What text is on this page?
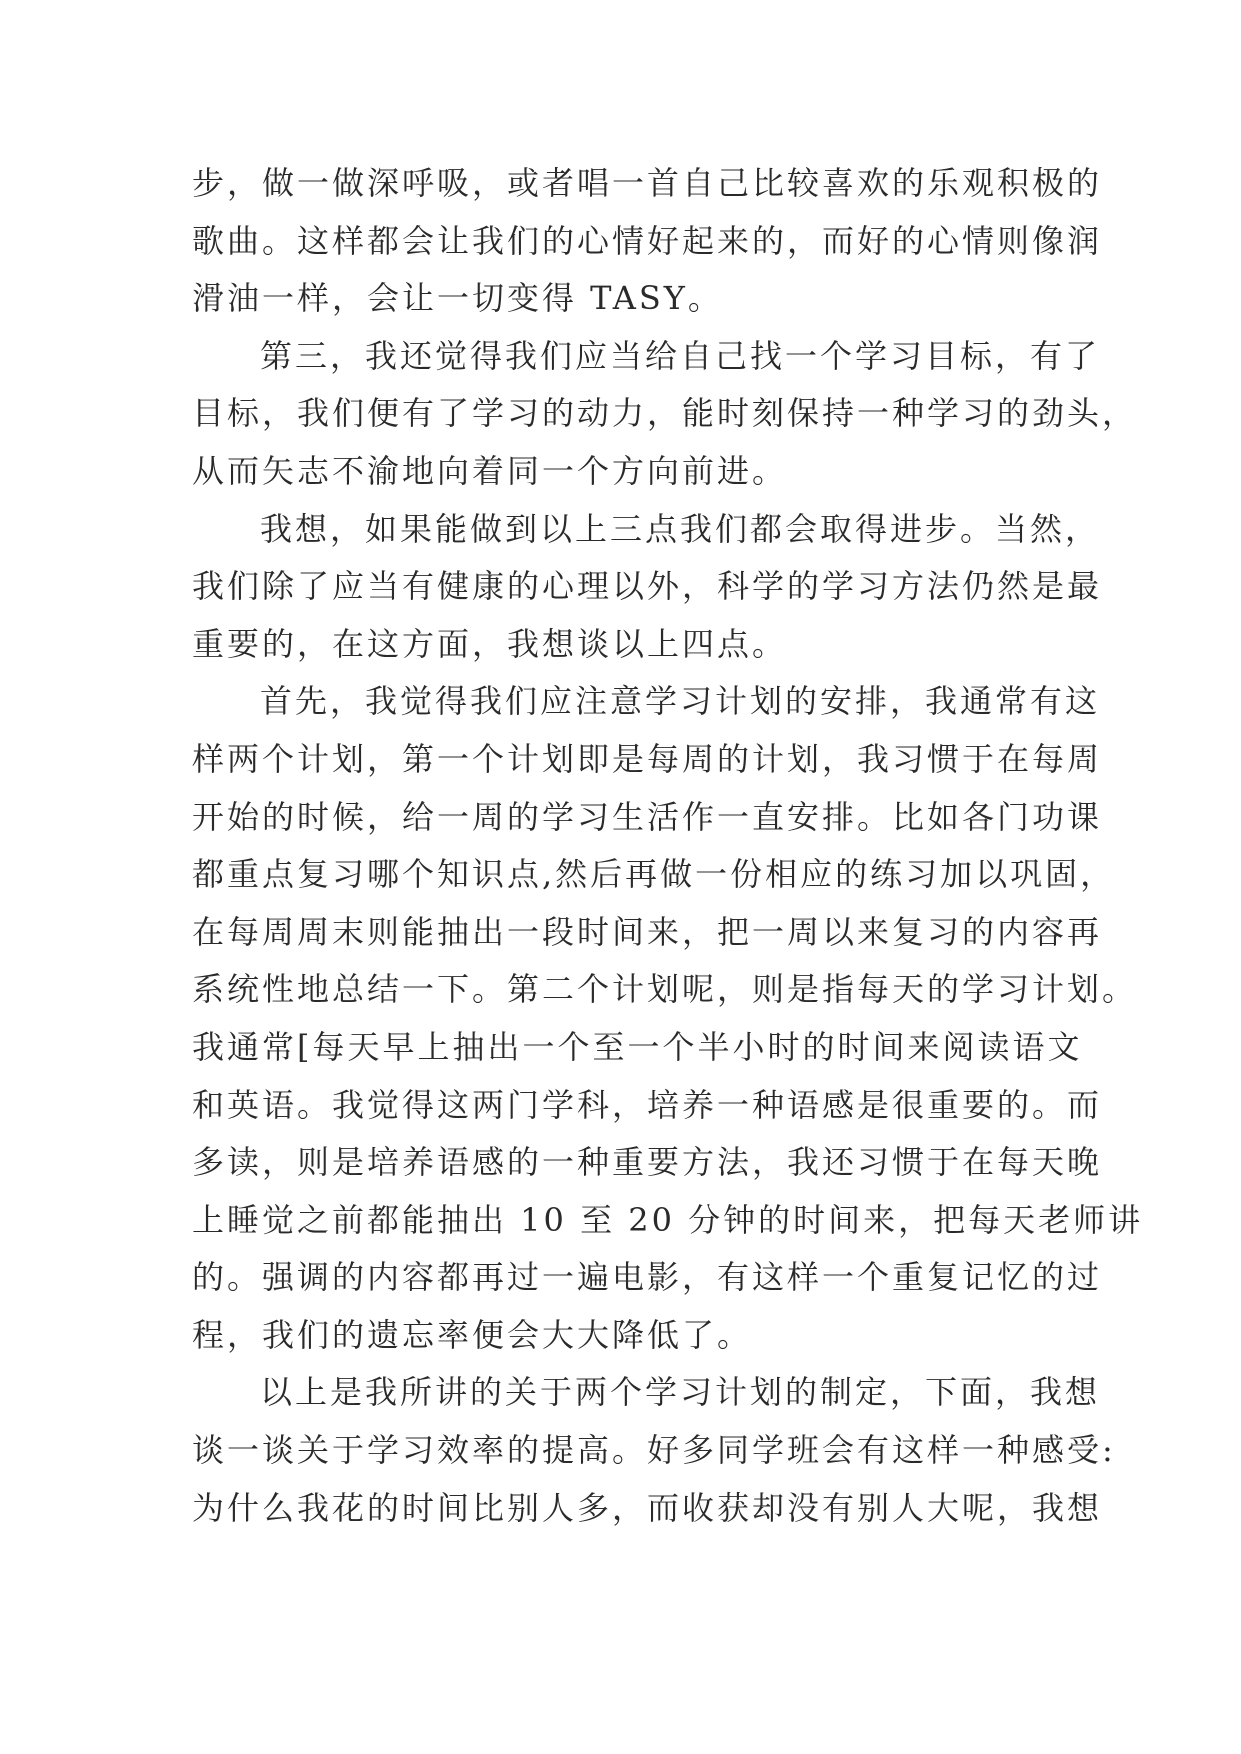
步，做一做深呼吸，或者唱一首自己比较喜欢的乐观积极的
歌曲。这样都会让我们的心情好起来的，而好的心情则像润
滑油一样，会让一切变得 TASY。
第三，我还觉得我们应当给自己找一个学习目标，有了
目标，我们便有了学习的动力，能时刻保持一种学习的劲头，
从而矢志不渝地向着同一个方向前进。
我想，如果能做到以上三点我们都会取得进步。当然，
我们除了应当有健康的心理以外，科学的学习方法仍然是最
重要的，在这方面，我想谈以上四点。
首先，我觉得我们应注意学习计划的安排，我通常有这
样两个计划，第一个计划即是每周的计划，我习惯于在每周
开始的时候，给一周的学习生活作一直安排。比如各门功课
都重点复习哪个知识点,然后再做一份相应的练习加以巩固，
在每周周末则能抽出一段时间来，把一周以来复习的内容再
系统性地总结一下。第二个计划呢，则是指每天的学习计划。
我通常[每天早上抽出一个至一个半小时的时间来阅读语文
和英语。我觉得这两门学科，培养一种语感是很重要的。而
多读，则是培养语感的一种重要方法，我还习惯于在每天晚
上睡觉之前都能抽出 10 至 20 分钟的时间来，把每天老师讲
的。强调的内容都再过一遍电影，有这样一个重复记忆的过
程，我们的遗忘率便会大大降低了。
以上是我所讲的关于两个学习计划的制定，下面，我想
谈一谈关于学习效率的提高。好多同学班会有这样一种感受:
为什么我花的时间比别人多，而收获却没有别人大呢，我想
